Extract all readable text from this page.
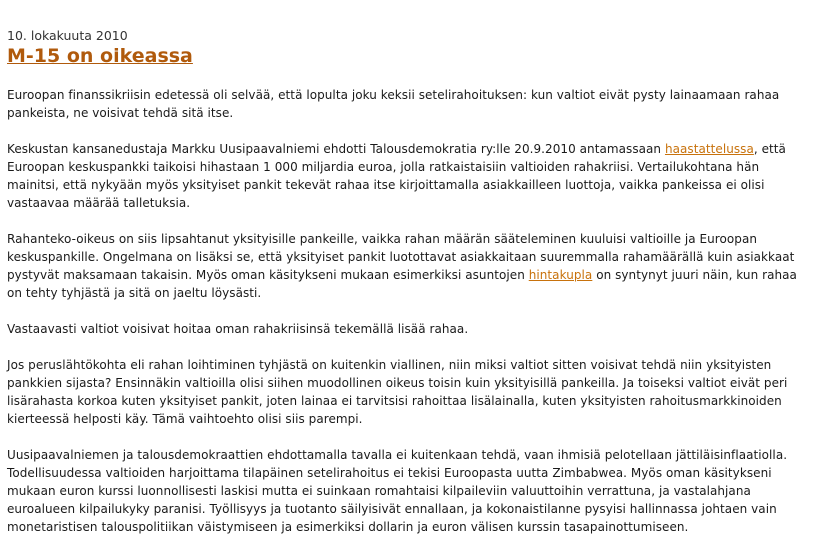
10. lokakuuta 2010
M-15 on oikeassa

Euroopan finanssikriisin edetessä oli selvää, että lopulta joku keksii setelirahoituksen: kun valtiot eivät pysty lainaamaan rahaa pankeista, ne voisivat tehdä sitä itse.

Keskustan kansanedustaja Markku Uusipaavalniemi ehdotti Talousdemokratia ry:lle 20.9.2010 antamassaan haastattelussa, että Euroopan keskuspankki taikoisi hihastaan 1 000 miljardia euroa, jolla ratkaistaisiin valtioiden rahakriisi. Vertailukohtana hän mainitsi, että nykyään myös yksityiset pankit tekevät rahaa itse kirjoittamalla asiakkailleen luottoja, vaikka pankeissa ei olisi vastaavaa määrää talletuksia.

Rahanteko-oikeus on siis lipsahtanut yksityisille pankeille, vaikka rahan määrän sääteleminen kuuluisi valtioille ja Euroopan keskuspankille. Ongelmana on lisäksi se, että yksityiset pankit luotottavat asiakkaitaan suuremmalla rahamäärällä kuin asiakkaat pystyvät maksamaan takaisin. Myös oman käsitykseni mukaan esimerkiksi asuntojen hintakupla on syntynyt juuri näin, kun rahaa on tehty tyhjästä ja sitä on jaeltu löysästi.

Vastaavasti valtiot voisivat hoitaa oman rahakriisinsä tekemällä lisää rahaa.

Jos peruslähtökohta eli rahan loihtiminen tyhjästä on kuitenkin viallinen, niin miksi valtiot sitten voisivat tehdä niin yksityisten pankkien sijasta? Ensinnäkin valtioilla olisi siihen muodollinen oikeus toisin kuin yksityisillä pankeilla. Ja toiseksi valtiot eivät peri lisärahasta korkoa kuten yksityiset pankit, joten lainaa ei tarvitsisi rahoittaa lisälainalla, kuten yksityisten rahoitusmarkkinoiden kierteessä helposti käy. Tämä vaihtoehto olisi siis parempi.

Uusipaavalniemen ja talousdemokraattien ehdottamalla tavalla ei kuitenkaan tehdä, vaan ihmisiä pelotellaan jättiläisinflaatiolla. Todellisuudessa valtioiden harjoittama tilapäinen setelirahoitus ei tekisi Euroopasta uutta Zimbabwea. Myös oman käsitykseni mukaan euron kurssi luonnollisesti laskisi mutta ei suinkaan romahtaisi kilpaileviin valuuttoihin verrattuna, ja vastalahjana euroalueen kilpailukyky paranisi. Työllisyys ja tuotanto säilyisivät ennallaan, ja kokonaistilanne pysyisi hallinnassa johtaen vain monetaristisen talouspolitiikan väistymiseen ja esimerkiksi dollarin ja euron välisen kurssin tasapainottumiseen.
